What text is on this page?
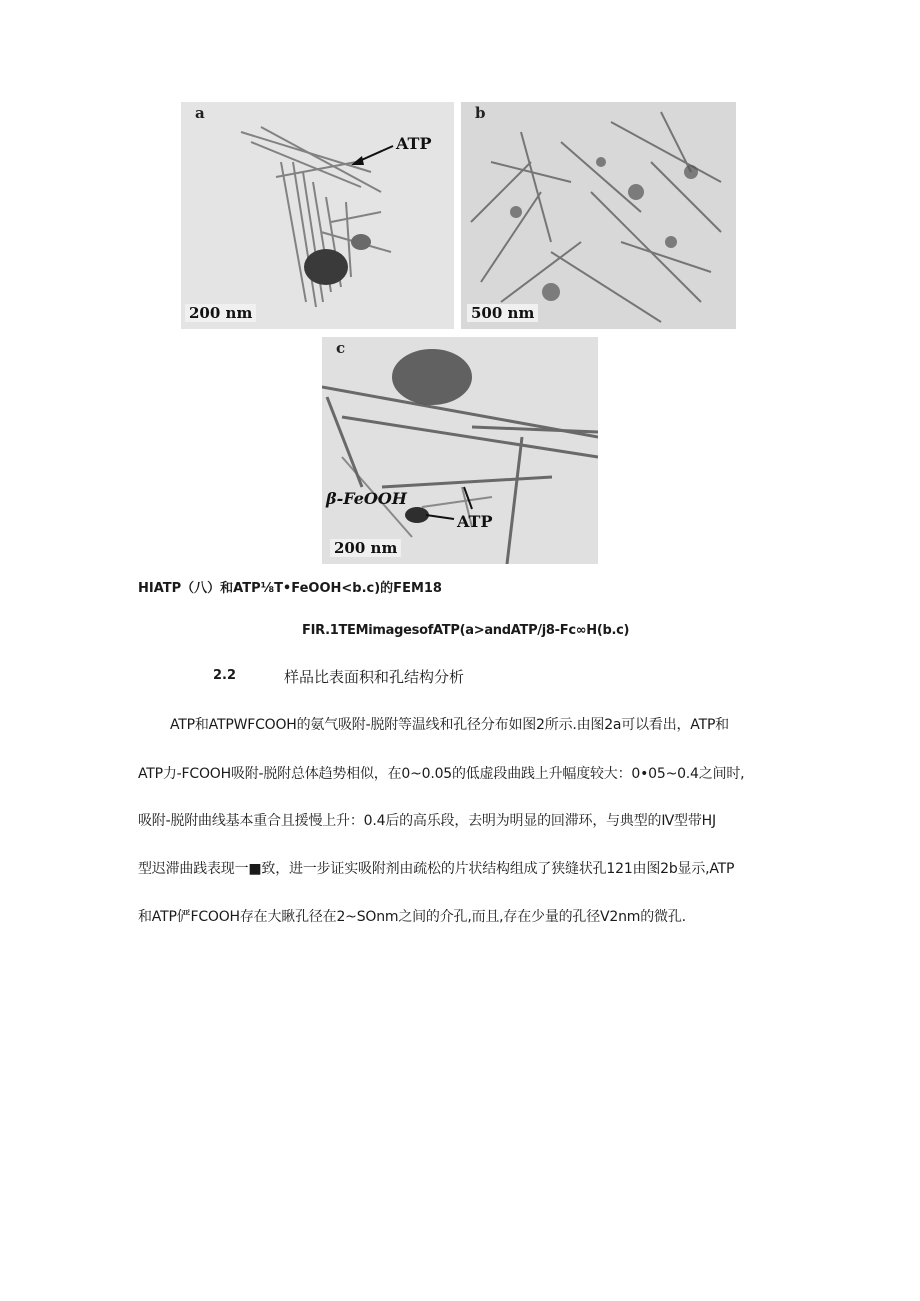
a
ATP
200 nm
b
500 nm
c
β-FeOOH
ATP
200 nm
HIATP（八）和ATP⅛T•FeOOH<b.c)的FEM18
FIR.1TEMimagesofATP(a>andATP/j8-Fc∞H(b.c)
2.2	样品比表面积和孔结构分析
ATP和ATPWFCOOH的氨气吸附-脱附等温线和孔径分布如图2所示.由图2a可以看出，ATP和
ATP力-FCOOH吸附-脱附总体趋势相似，在0~0.05的低虚段曲践上升幅度较大：0•05~0.4之间时,
吸附-脱附曲线基本重合且援慢上升：0.4后的高乐段，去明为明显的回滞环，与典型的Ⅳ型带HJ
型迟滞曲践表现一■致，进一步证实吸附剂由疏松的片状结构组成了狭缝状孔121由图2b显示,ATP
和ATP俨FCOOH存在大瞅孔径在2~SOnm之间的介孔,而且,存在少量的孔径V2nm的微孔.
